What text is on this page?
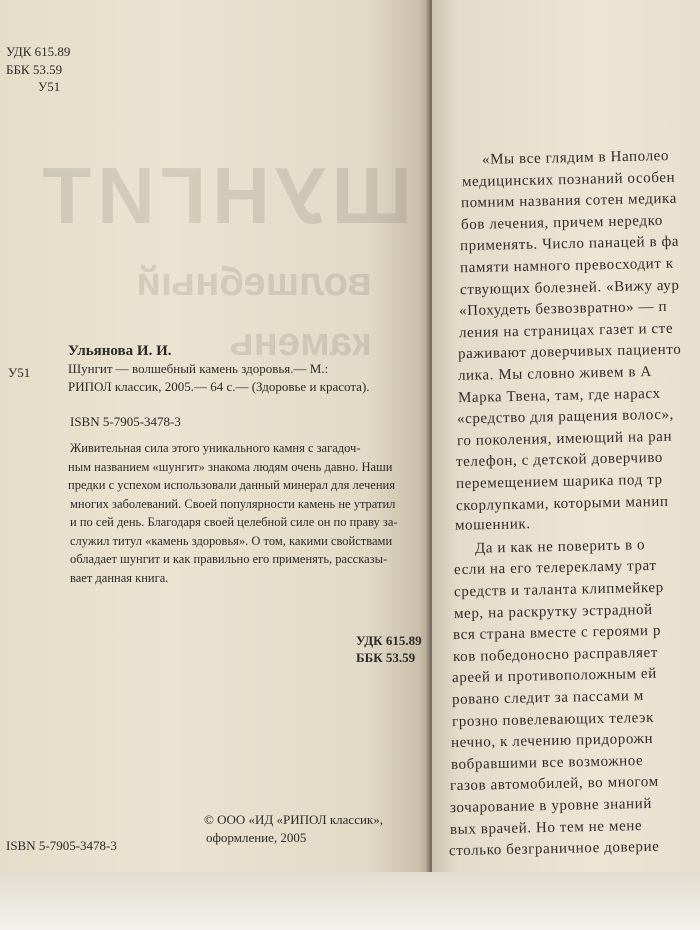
ШУНГИТ
волшебный
камень
УДК 615.89
ББК 53.59
У51
Ульянова И. И.
У51	Шунгит — волшебный камень здоровья.— М.:
РИПОЛ классик, 2005.— 64 с.— (Здоровье и красота).
ISBN 5-7905-3478-3
Живительная сила этого уникального камня с загадоч-
ным названием «шунгит» знакома людям очень давно. Наши
предки с успехом использовали данный минерал для лечения
многих заболеваний. Своей популярности камень не утратил
и по сей день. Благодаря своей целебной силе он по праву за-
служил титул «камень здоровья». О том, какими свойствами
обладает шунгит и как правильно его применять, рассказы-
вает данная книга.
УДК 615.89
ББК 53.59
© ООО «ИД «РИПОЛ классик»,
оформление, 2005
ISBN 5-7905-3478-3
«Мы все глядим в Наполео
медицинских познаний особен
помним названия сотен медика
бов лечения, причем нередко
применять. Число панацей в фа
памяти намного превосходит к
ствующих болезней. «Вижу аур
«Похудеть безвозвратно» — п
ления на страницах газет и сте
раживают доверчивых пациенто
лика. Мы словно живем в А
Марка Твена, там, где нарасх
«средство для ращения волос»,
го поколения, имеющий на ран
телефон, с детской доверчиво
перемещением шарика под тр
скорлупками, которыми манип
мошенник.
Да и как не поверить в о
если на его телерекламу трат
средств и таланта клипмейкер
мер, на раскрутку эстрадной
вся страна вместе с героями р
ков победоносно расправляет
ареей и противоположным ей
ровано следит за пассами м
грозно повелевающих телеэк
нечно, к лечению придорожн
вобравшими все возможное
газов автомобилей, во многом
зочарование в уровне знаний
вых врачей. Но тем не мене
столько безграничное доверие
